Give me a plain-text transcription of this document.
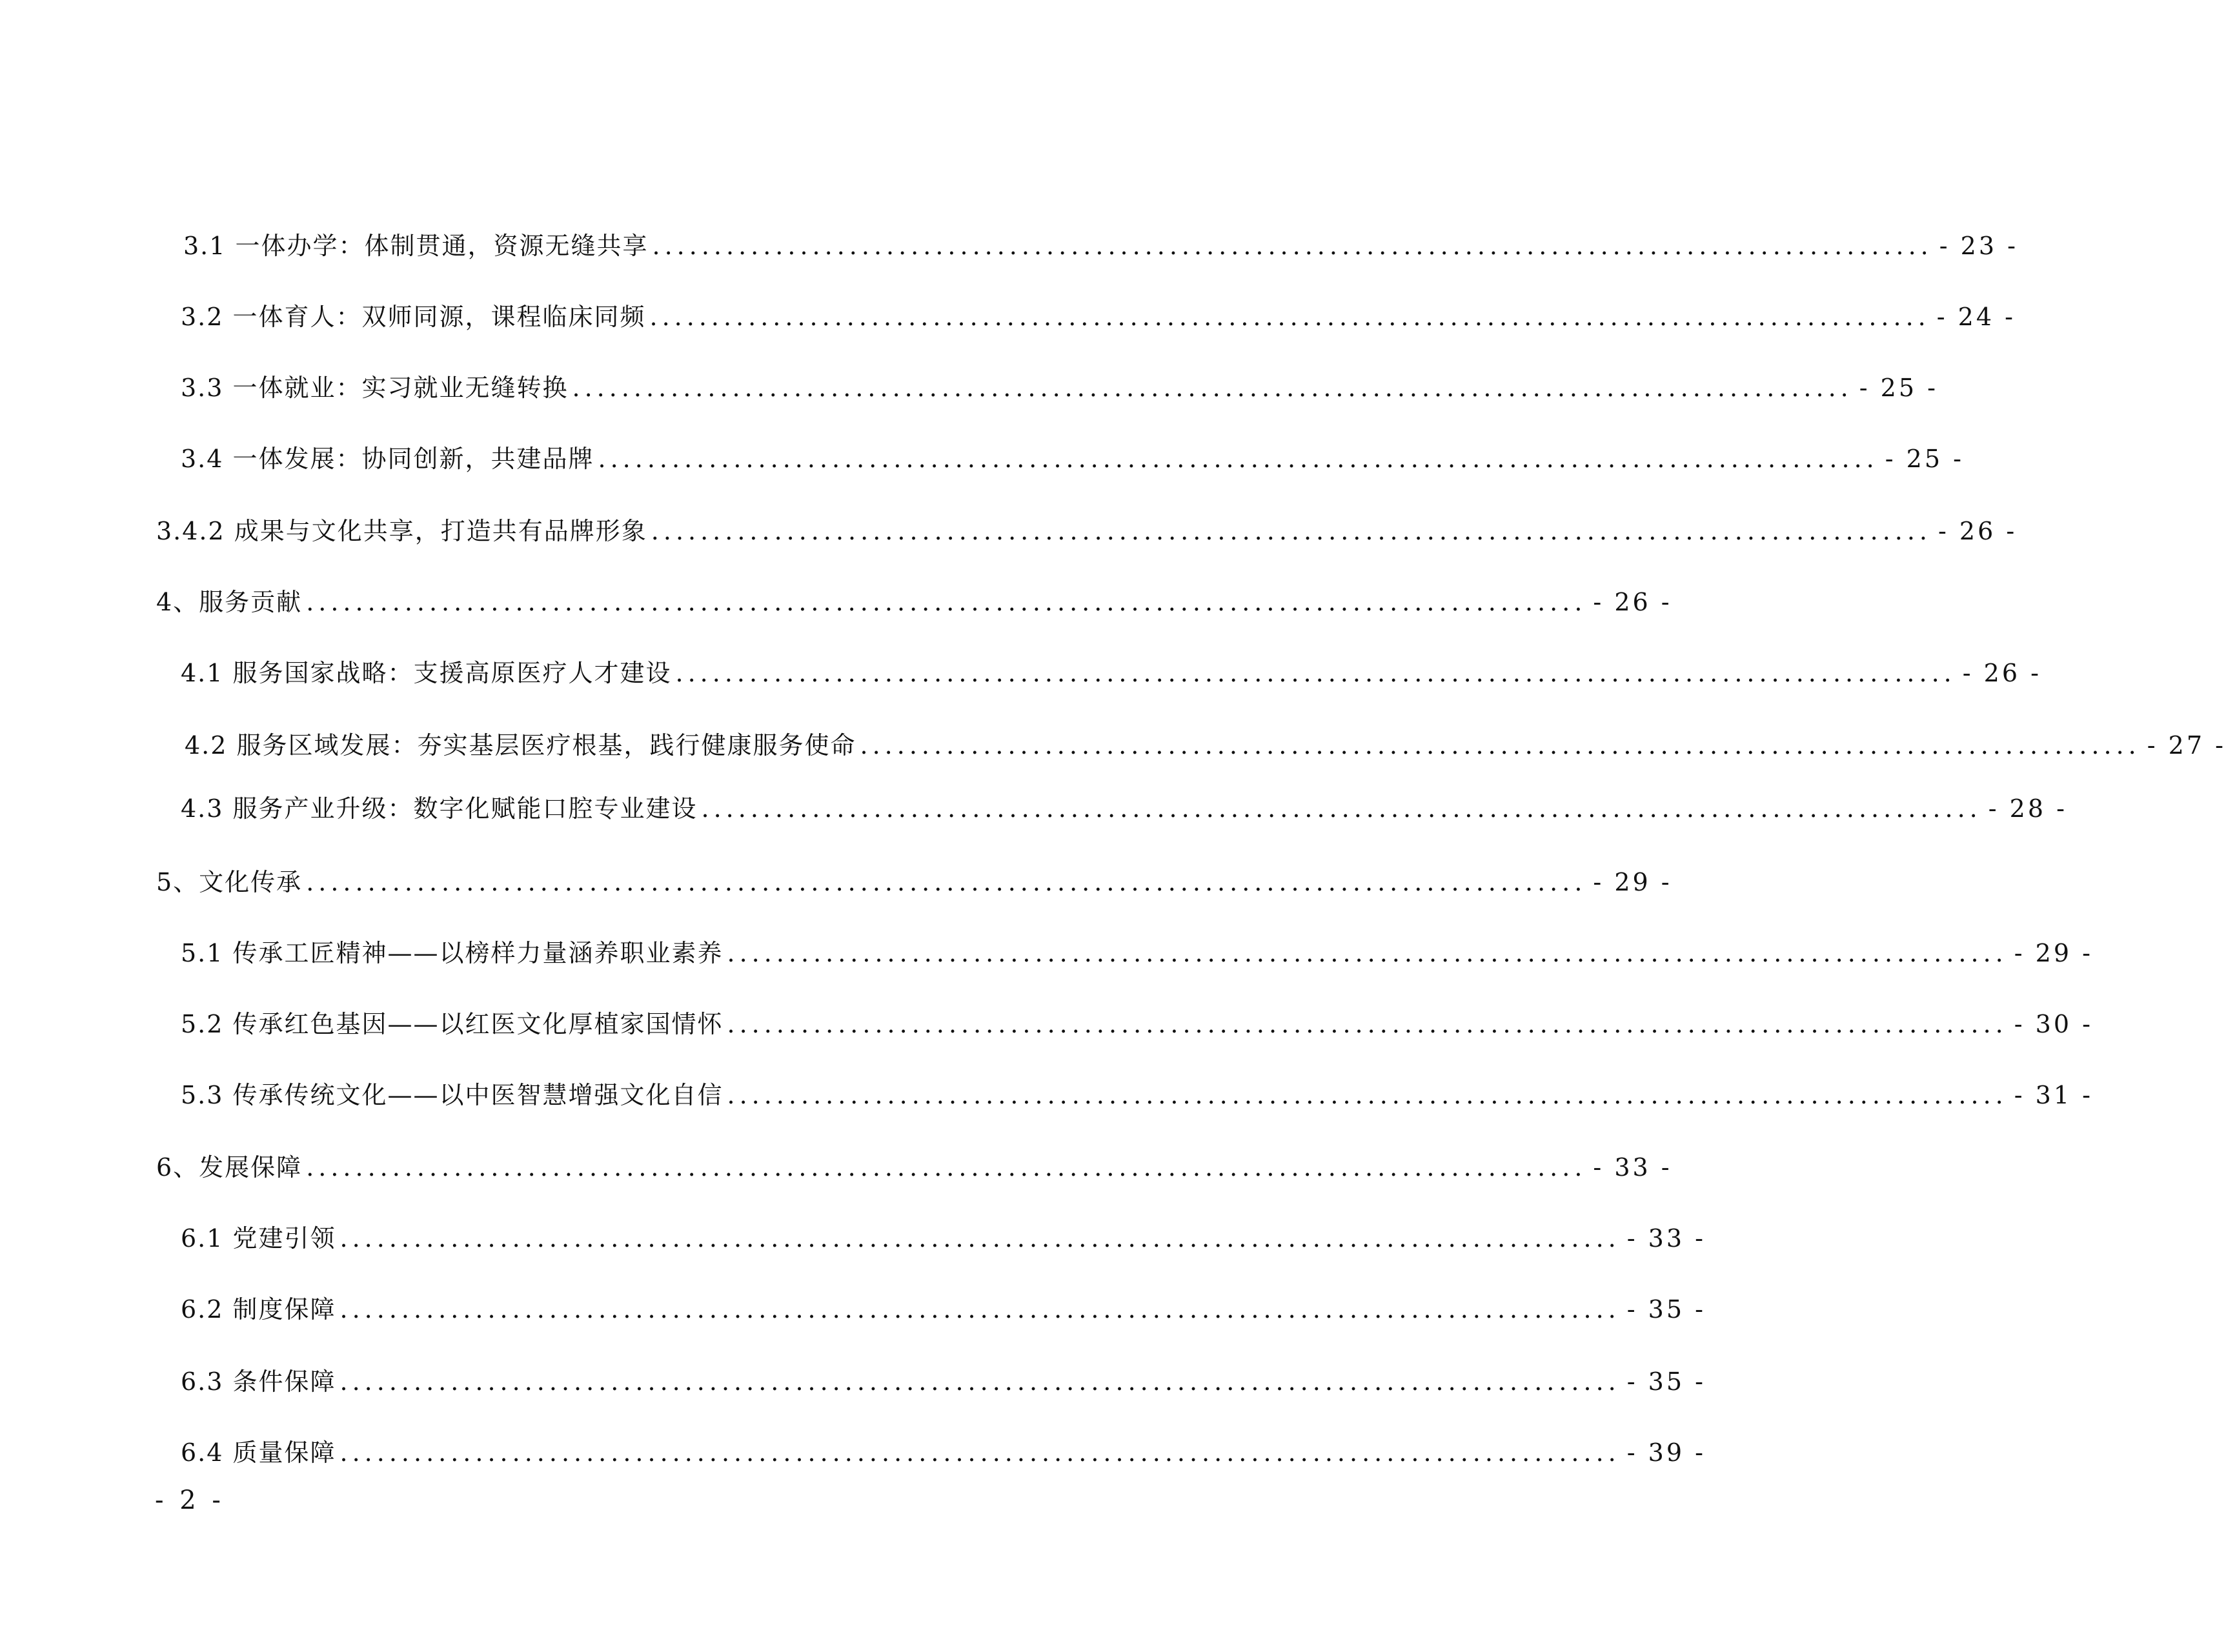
3.1 一体办学：体制贯通，资源无缝共享 ........................................................................................................ - 23 -
3.2 一体育人：双师同源，课程临床同频 ........................................................................................................ - 24 -
3.3 一体就业：实习就业无缝转换 ........................................................................................................ - 25 -
3.4 一体发展：协同创新，共建品牌 ........................................................................................................ - 25 -
3.4.2 成果与文化共享，打造共有品牌形象 ........................................................................................................ - 26 -
4、服务贡献 ........................................................................................................ - 26 -
4.1 服务国家战略：支援高原医疗人才建设 ........................................................................................................ - 26 -
4.2 服务区域发展：夯实基层医疗根基，践行健康服务使命 ........................................................................................................ - 27 -
4.3 服务产业升级：数字化赋能口腔专业建设 ........................................................................................................ - 28 -
5、文化传承 ........................................................................................................ - 29 -
5.1 传承工匠精神——以榜样力量涵养职业素养 ........................................................................................................ - 29 -
5.2 传承红色基因——以红医文化厚植家国情怀 ........................................................................................................ - 30 -
5.3 传承传统文化——以中医智慧增强文化自信 ........................................................................................................ - 31 -
6、发展保障 ........................................................................................................ - 33 -
6.1 党建引领 ........................................................................................................ - 33 -
6.2 制度保障 ........................................................................................................ - 35 -
6.3 条件保障 ........................................................................................................ - 35 -
6.4 质量保障 ........................................................................................................ - 39 -
- 2 -
